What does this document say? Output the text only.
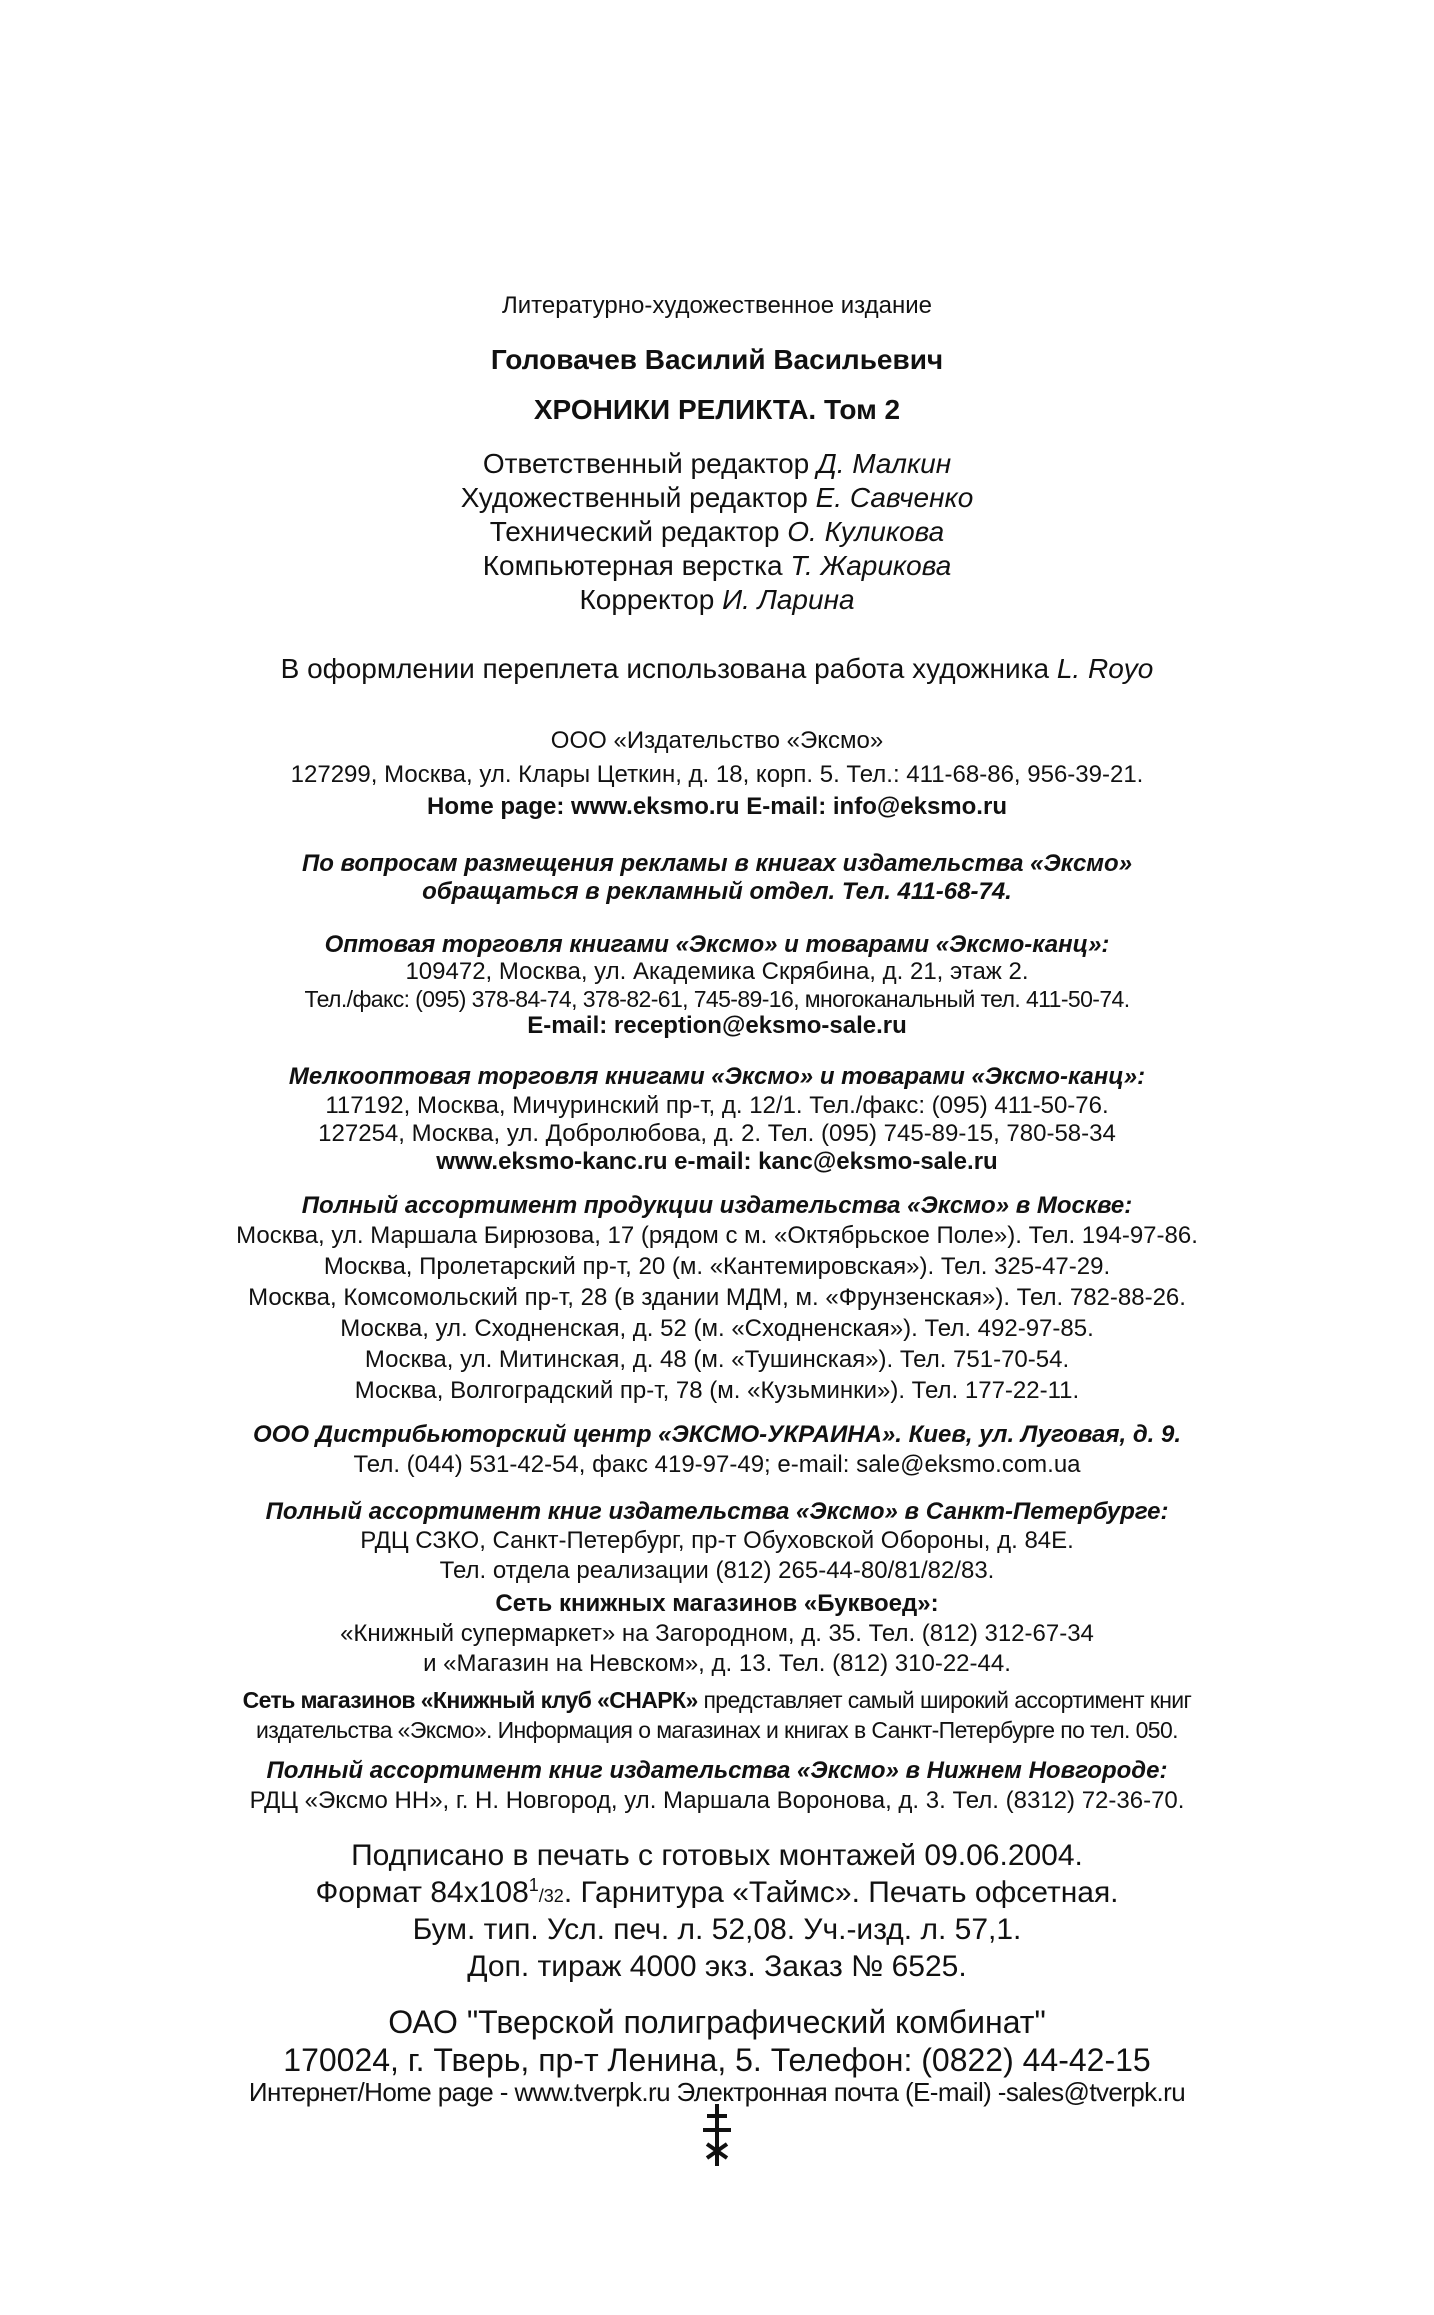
Литературно-художественное издание
Головачев Василий Васильевич
ХРОНИКИ РЕЛИКТА. Том 2
Ответственный редактор Д. Малкин
Художественный редактор Е. Савченко
Технический редактор О. Куликова
Компьютерная верстка Т. Жарикова
Корректор И. Ларина
В оформлении переплета использована работа художника L. Royo
ООО «Издательство «Эксмо»
127299, Москва, ул. Клары Цеткин, д. 18, корп. 5. Тел.: 411-68-86, 956-39-21.
Home page: www.eksmo.ru E-mail: info@eksmo.ru
По вопросам размещения рекламы в книгах издательства «Эксмо»
обращаться в рекламный отдел. Тел. 411-68-74.
Оптовая торговля книгами «Эксмо» и товарами «Эксмо-канц»:
109472, Москва, ул. Академика Скрябина, д. 21, этаж 2.
Тел./факс: (095) 378-84-74, 378-82-61, 745-89-16, многоканальный тел. 411-50-74.
E-mail: reception@eksmo-sale.ru
Мелкооптовая торговля книгами «Эксмо» и товарами «Эксмо-канц»:
117192, Москва, Мичуринский пр-т, д. 12/1. Тел./факс: (095) 411-50-76.
127254, Москва, ул. Добролюбова, д. 2. Тел. (095) 745-89-15, 780-58-34
www.eksmo-kanc.ru e-mail: kanc@eksmo-sale.ru
Полный ассортимент продукции издательства «Эксмо» в Москве:
Москва, ул. Маршала Бирюзова, 17 (рядом с м. «Октябрьское Поле»). Тел. 194-97-86.
Москва, Пролетарский пр-т, 20 (м. «Кантемировская»). Тел. 325-47-29.
Москва, Комсомольский пр-т, 28 (в здании МДМ, м. «Фрунзенская»). Тел. 782-88-26.
Москва, ул. Сходненская, д. 52 (м. «Сходненская»). Тел. 492-97-85.
Москва, ул. Митинская, д. 48 (м. «Тушинская»). Тел. 751-70-54.
Москва, Волгоградский пр-т, 78 (м. «Кузьминки»). Тел. 177-22-11.
ООО Дистрибьюторский центр «ЭКСМО-УКРАИНА». Киев, ул. Луговая, д. 9.
Тел. (044) 531-42-54, факс 419-97-49; e-mail: sale@eksmo.com.ua
Полный ассортимент книг издательства «Эксмо» в Санкт-Петербурге:
РДЦ СЗКО, Санкт-Петербург, пр-т Обуховской Обороны, д. 84Е.
Тел. отдела реализации (812) 265-44-80/81/82/83.
Сеть книжных магазинов «Буквоед»:
«Книжный супермаркет» на Загородном, д. 35. Тел. (812) 312-67-34
и «Магазин на Невском», д. 13. Тел. (812) 310-22-44.
Сеть магазинов «Книжный клуб «СНАРК» представляет самый широкий ассортимент книг
издательства «Эксмо». Информация о магазинах и книгах в Санкт-Петербурге по тел. 050.
Полный ассортимент книг издательства «Эксмо» в Нижнем Новгороде:
РДЦ «Эксмо НН», г. Н. Новгород, ул. Маршала Воронова, д. 3. Тел. (8312) 72-36-70.
Подписано в печать с готовых монтажей 09.06.2004.
Формат $84х108^1/32$. Гарнитура «Таймс». Печать офсетная.
Бум. тип. Усл. печ. л. 52,08. Уч.-изд. л. 57,1.
Доп. тираж 4000 экз. Заказ № 6525.
ОАО "Тверской полиграфический комбинат"
170024, г. Тверь, пр-т Ленина, 5. Телефон: (0822) 44-42-15
Интернет/Home page - www.tverpk.ru Электронная почта (E-mail) -sales@tverpk.ru
